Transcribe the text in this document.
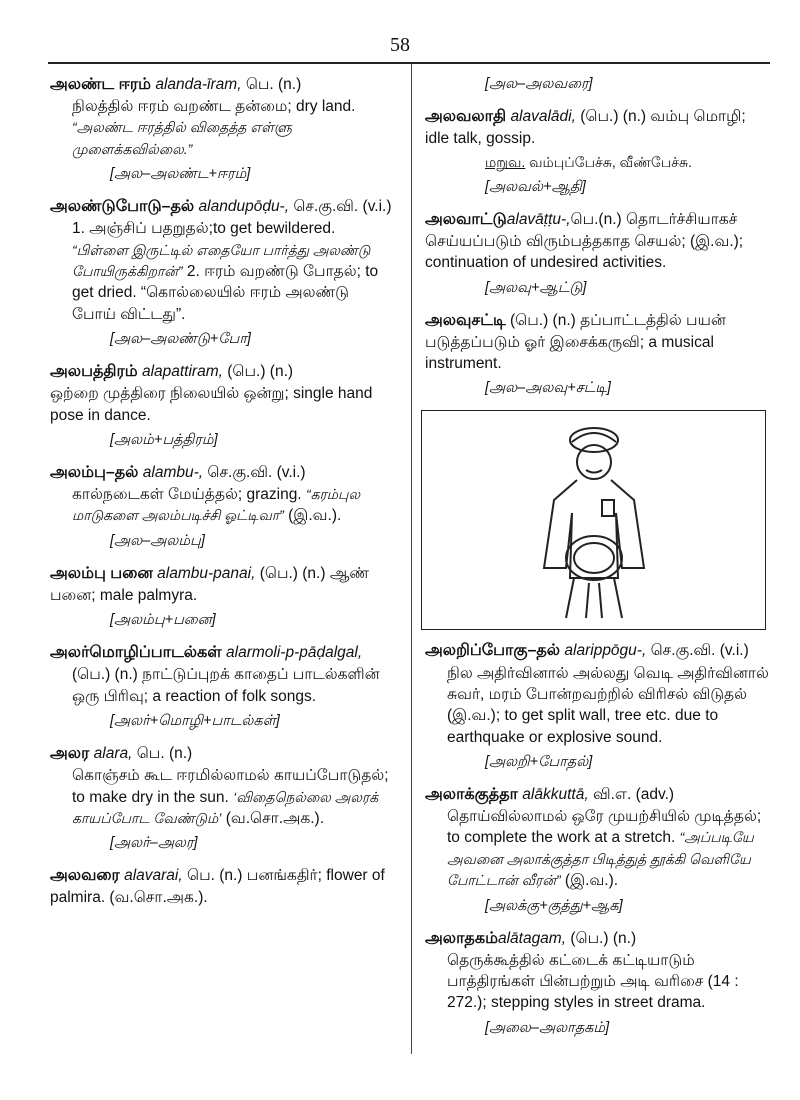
58
அலண்ட ஈரம் alanda-īram, பெ. (n.)
நிலத்தில் ஈரம் வறண்ட தன்மை; dry land. “அலண்ட ஈரத்தில் விதைத்த எள்ளு முளைக்கவில்லை.”
[அல–அலண்ட+ஈரம்]
அலண்டுபோடு–தல் alandupōḍu-, செ.கு.வி. (v.i.)
1. அஞ்சிப் பதறுதல்;to get bewildered. “பிள்ளை இருட்டில் எதையோ பார்த்து அலண்டு போயிருக்கிறான்” 2. ஈரம் வறண்டு போதல்; to get dried. “கொல்லையில் ஈரம் அலண்டு போய் விட்டது”.
[அல–அலண்டு+போ]
அலபத்திரம் alapattiram, (பெ.) (n.)
ஒற்றை முத்திரை நிலையில் ஒன்று; single hand pose in dance.
[அலம்+பத்திரம்]
அலம்பு–தல் alambu-, செ.கு.வி. (v.i.)
கால்நடைகள் மேய்த்தல்; grazing. “கரம்புல மாடுகளை அலம்படிச்சி ஓட்டிவா” (இ.வ.).
[அல–அலம்பு]
அலம்பு பனை alambu-panai, (பெ.) (n.) ஆண் பனை; male palmyra.
[அலம்பு+பனை]
அலர்மொழிப்பாடல்கள் alarmoli-p-pāḍalgal,
(பெ.) (n.) நாட்டுப்புறக் காதைப் பாடல்களின் ஒரு பிரிவு; a reaction of folk songs.
[அலர்+மொழி+பாடல்கள்]
அலர alara, பெ. (n.)
கொஞ்சம் கூட ஈரமில்லாமல் காயப்போடுதல்; to make dry in the sun. ‘விதைநெல்லை அலரக் காயப்போட வேண்டும்’ (வ.சொ.அக.).
[அலர்–அலர]
அலவரை alavarai, பெ. (n.) பனங்கதிர்; flower of palmira. (வ.சொ.அக.).
[அல–அலவரை]
அலவலாதி alavalādi, (பெ.) (n.) வம்பு மொழி; idle talk, gossip.
மறுவ. வம்புப்பேச்சு, வீண்பேச்சு.
[அலவல்+ஆதி]
அலவாட்டுalavāṭṭu-,பெ.(n.) தொடர்ச்சியாகச் செய்யப்படும் விரும்பத்தகாத செயல்; (இ.வ.); continuation of undesired activities.
[அலவு+ஆட்டு]
அலவுசட்டி (பெ.) (n.) தப்பாட்டத்தில் பயன் படுத்தப்படும் ஓர் இசைக்கருவி; a musical instrument.
[அல–அலவு+சட்டி]
அலறிப்போகு–தல் alarippōgu-, செ.கு.வி. (v.i.)
நில அதிர்வினால் அல்லது வெடி அதிர்வினால் சுவர், மரம் போன்றவற்றில் விரிசல் விடுதல் (இ.வ.); to get split wall, tree etc. due to earthquake or explosive sound.
[அலறி+போதல்]
அலாக்குத்தா alākkuttā, வி.எ. (adv.)
தொய்வில்லாமல் ஒரே முயற்சியில் முடித்தல்; to complete the work at a stretch. “அப்படியே அவனை அலாக்குத்தா பிடித்துத் தூக்கி வெளியே போட்டான் வீரன்” (இ.வ.).
[அலக்கு+குத்து+ஆக]
அலாதகம்alātagam, (பெ.) (n.)
தெருக்கூத்தில் கட்டைக் கட்டியாடும் பாத்திரங்கள் பின்பற்றும் அடி வரிசை (14 : 272.); stepping styles in street drama.
[அலை–அலாதகம்]
